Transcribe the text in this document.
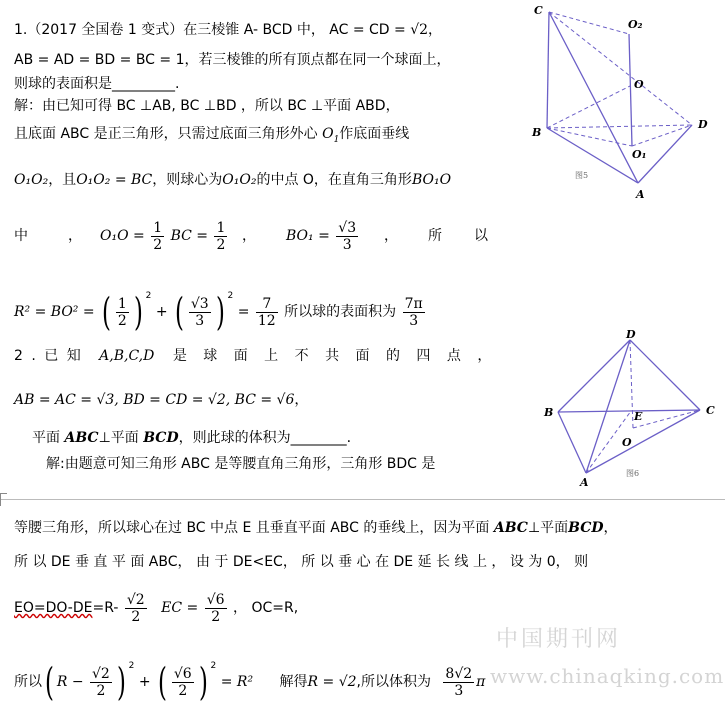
1.（2017 全国卷 1 变式）在三棱锥 A- BCD 中， AC = CD = √2，
AB = AD = BD = BC = 1，若三棱锥的所有顶点都在同一个球面上，
则球的表面积是_________.
解：由已知可得 BC ⊥AB, BC ⊥BD ，所以 BC ⊥平面 ABD，
且底面 ABC 是正三角形，只需过底面三角形外心 $O_1$作底面垂线
O₁O₂，且O₁O₂ = BC，则球心为O₁O₂的中点 O，在直角三角形BO₁O
中	， $O_1O = \frac{1}{2}$ BC = $\frac{1}{2}$ ， $BO_1 = \frac{√3}{3}$ ， 所 以
R² = BO² = ( $\frac{1}{2}$ ) $^2$ + ( $\frac{√3}{3}$ ) $^2 = \frac{7}{12}$ 所以球的表面积为 $\frac{7\pi}{3}$
C
O₂
O
B
D
O₁
A
图5
2 . 已 知 A,B,C,D 是 球 面 上 不 共 面 的 四 点 ，
AB = AC = √3, BD = CD = √2, BC = √6，
平面 ABC⊥平面 BCD，则此球的体积为________.
解:由题意可知三角形 ABC 是等腰直角三角形，三角形 BDC 是
D
B	C
E
O
A
图6
等腰三角形，所以球心在过 BC 中点 E 且垂直平面 ABC 的垂线上，因为平面 ABC⊥平面BCD，
所 以 DE 垂 直 平 面 ABC， 由 于 DE<EC， 所 以 垂 心 在 DE 延 长 线 上 ， 设 为 0， 则
$EO=DO-DE=R- \frac{√2}{2}$ EC = $\frac{√6}{2}$ ， OC=R,
所以( $R - \frac{√2}{2}$ ) $^2$ + ( $\frac{√6}{2}$ ) $^2$ = R² 解得R = √2,所以体积为 $\frac{8√2}{3}$ π
中国期刊网
www.chinaqking.com
